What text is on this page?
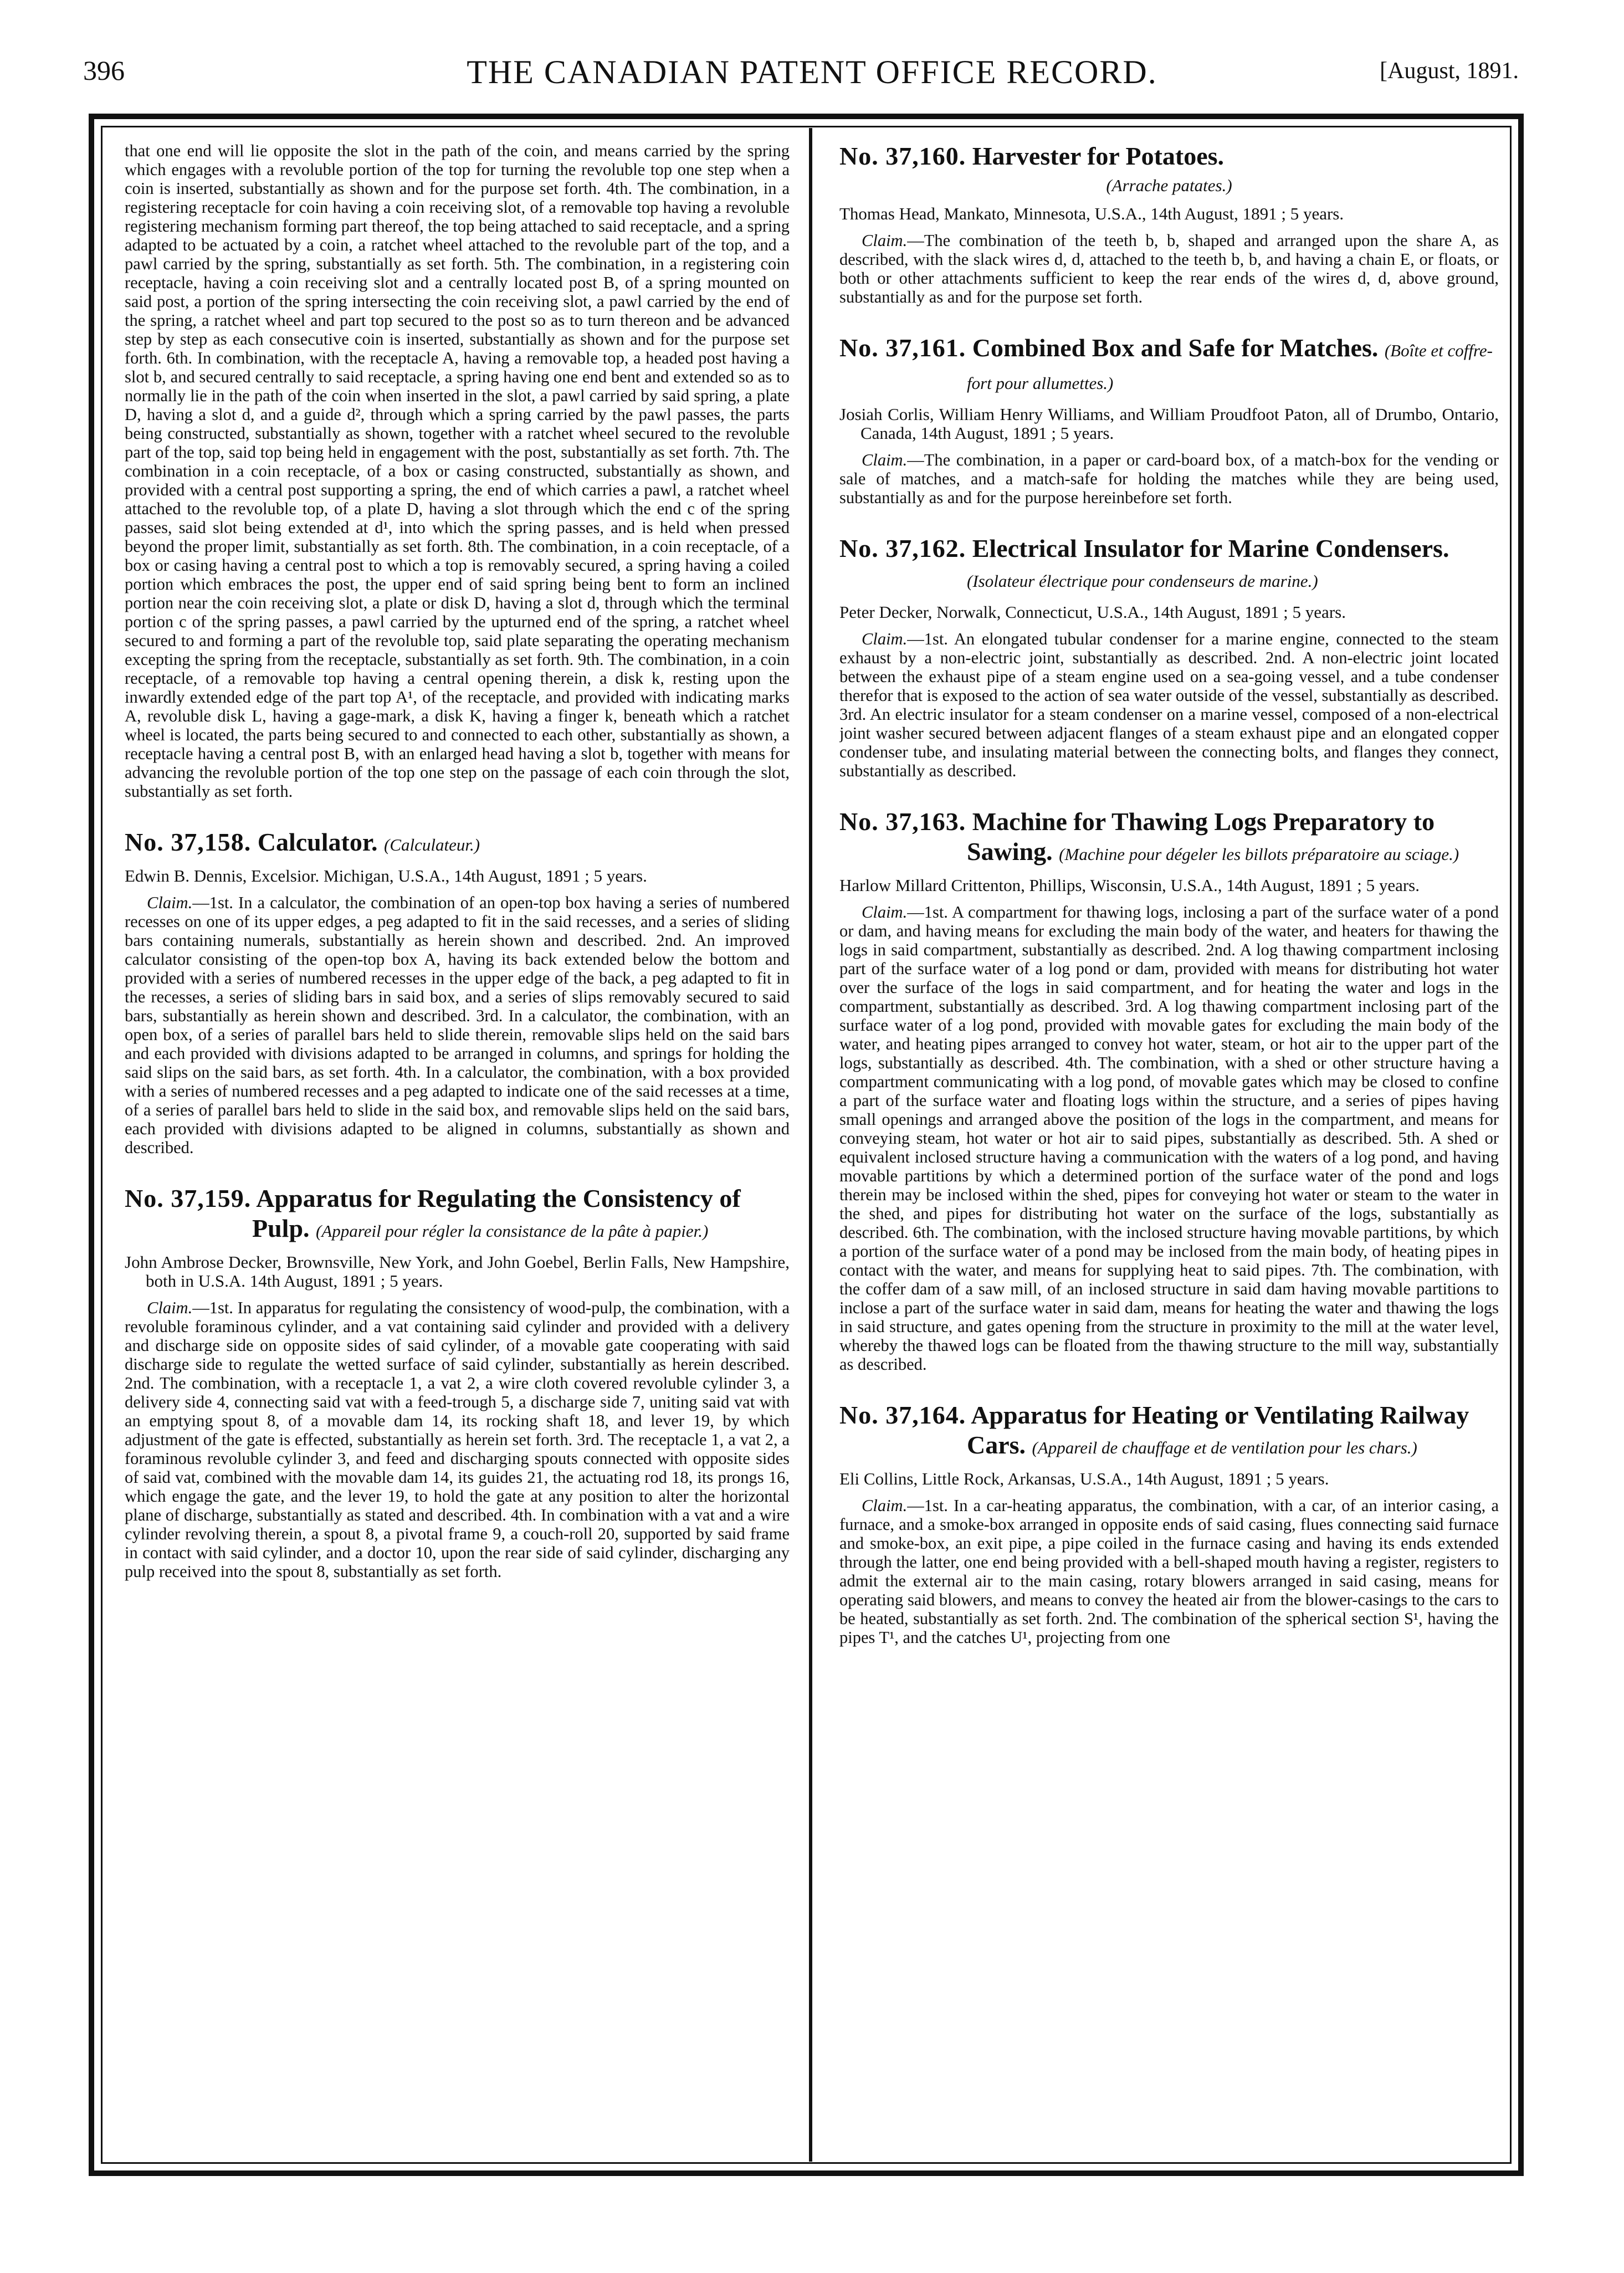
396	THE CANADIAN PATENT OFFICE RECORD.	[August, 1891.

that one end will lie opposite the slot in the path of the coin, and means carried by the spring which engages with a revoluble portion of the top for turning the revoluble top one step when a coin is inserted, substantially as shown and for the purpose set forth. 4th. The combination, in a registering receptacle for coin having a coin receiving slot, of a removable top having a revoluble registering mechanism forming part thereof, the top being attached to said receptacle, and a spring adapted to be actuated by a coin, a ratchet wheel attached to the revoluble part of the top, and a pawl carried by the spring, substantially as set forth. 5th. The combination, in a registering coin receptacle, having a coin receiving slot and a centrally located post B, of a spring mounted on said post, a portion of the spring intersecting the coin receiving slot, a pawl carried by the end of the spring, a ratchet wheel and part top secured to the post so as to turn thereon and be advanced step by step as each consecutive coin is inserted, substantially as shown and for the purpose set forth. 6th. In combination, with the receptacle A, having a removable top, a headed post having a slot b, and secured centrally to said receptacle, a spring having one end bent and extended so as to normally lie in the path of the coin when inserted in the slot, a pawl carried by said spring, a plate D, having a slot d, and a guide d², through which a spring carried by the pawl passes, the parts being constructed, substantially as shown, together with a ratchet wheel secured to the revoluble part of the top, said top being held in engagement with the post, substantially as set forth. 7th. The combination in a coin receptacle, of a box or casing constructed, substantially as shown, and provided with a central post supporting a spring, the end of which carries a pawl, a ratchet wheel attached to the revoluble top, of a plate D, having a slot through which the end c of the spring passes, said slot being extended at d¹, into which the spring passes, and is held when pressed beyond the proper limit, substantially as set forth. 8th. The combination, in a coin receptacle, of a box or casing having a central post to which a top is removably secured, a spring having a coiled portion which embraces the post, the upper end of said spring being bent to form an inclined portion near the coin receiving slot, a plate or disk D, having a slot d, through which the terminal portion c of the spring passes, a pawl carried by the upturned end of the spring, a ratchet wheel secured to and forming a part of the revoluble top, said plate separating the operating mechanism excepting the spring from the receptacle, substantially as set forth. 9th. The combination, in a coin receptacle, of a removable top having a central opening therein, a disk k, resting upon the inwardly extended edge of the part top A¹, of the receptacle, and provided with indicating marks A, revoluble disk L, having a gage-mark, a disk K, having a finger k, beneath which a ratchet wheel is located, the parts being secured to and connected to each other, substantially as shown, a receptacle having a central post B, with an enlarged head having a slot b, together with means for advancing the revoluble portion of the top one step on the passage of each coin through the slot, substantially as set forth.

No. 37,158. Calculator. (Calculateur.)

Edwin B. Dennis, Excelsior. Michigan, U.S.A., 14th August, 1891 ; 5 years.

Claim.—1st. In a calculator, the combination of an open-top box having a series of numbered recesses on one of its upper edges, a peg adapted to fit in the said recesses, and a series of sliding bars containing numerals, substantially as herein shown and described. 2nd. An improved calculator consisting of the open-top box A, having its back extended below the bottom and provided with a series of numbered recesses in the upper edge of the back, a peg adapted to fit in the recesses, a series of sliding bars in said box, and a series of slips removably secured to said bars, substantially as herein shown and described. 3rd. In a calculator, the combination, with an open box, of a series of parallel bars held to slide therein, removable slips held on the said bars and each provided with divisions adapted to be arranged in columns, and springs for holding the said slips on the said bars, as set forth. 4th. In a calculator, the combination, with a box provided with a series of numbered recesses and a peg adapted to indicate one of the said recesses at a time, of a series of parallel bars held to slide in the said box, and removable slips held on the said bars, each provided with divisions adapted to be aligned in columns, substantially as shown and described.

No. 37,159. Apparatus for Regulating the Consistency of Pulp. (Appareil pour régler la consistance de la pâte à papier.)

John Ambrose Decker, Brownsville, New York, and John Goebel, Berlin Falls, New Hampshire, both in U.S.A. 14th August, 1891 ; 5 years.

Claim.—1st. In apparatus for regulating the consistency of wood-pulp, the combination, with a revoluble foraminous cylinder, and a vat containing said cylinder and provided with a delivery and discharge side on opposite sides of said cylinder, of a movable gate cooperating with said discharge side to regulate the wetted surface of said cylinder, substantially as herein described. 2nd. The combination, with a receptacle 1, a vat 2, a wire cloth covered revoluble cylinder 3, a delivery side 4, connecting said vat with a feed-trough 5, a discharge side 7, uniting said vat with an emptying spout 8, of a movable dam 14, its rocking shaft 18, and lever 19, by which adjustment of the gate is effected, substantially as herein set forth. 3rd. The receptacle 1, a vat 2, a foraminous revoluble cylinder 3, and feed and discharging spouts connected with opposite sides of said vat, combined with the movable dam 14, its guides 21, the actuating rod 18, its prongs 16, which engage the gate, and the lever 19, to hold the gate at any position to alter the horizontal plane of discharge, substantially as stated and described. 4th. In combination with a vat and a wire cylinder revolving therein, a spout 8, a pivotal frame 9, a couch-roll 20, supported by said frame in contact with said cylinder, and a doctor 10, upon the rear side of said cylinder, discharging any pulp received into the spout 8, substantially as set forth.

No. 37,160. Harvester for Potatoes.
(Arrache patates.)

Thomas Head, Mankato, Minnesota, U.S.A., 14th August, 1891 ; 5 years.

Claim.—The combination of the teeth b, b, shaped and arranged upon the share A, as described, with the slack wires d, d, attached to the teeth b, b, and having a chain E, or floats, or both or other attachments sufficient to keep the rear ends of the wires d, d, above ground, substantially as and for the purpose set forth.

No. 37,161. Combined Box and Safe for Matches. (Boîte et coffre-fort pour allumettes.)

Josiah Corlis, William Henry Williams, and William Proudfoot Paton, all of Drumbo, Ontario, Canada, 14th August, 1891 ; 5 years.

Claim.—The combination, in a paper or card-board box, of a match-box for the vending or sale of matches, and a match-safe for holding the matches while they are being used, substantially as and for the purpose hereinbefore set forth.

No. 37,162. Electrical Insulator for Marine Condensers. (Isolateur électrique pour condenseurs de marine.)

Peter Decker, Norwalk, Connecticut, U.S.A., 14th August, 1891 ; 5 years.

Claim.—1st. An elongated tubular condenser for a marine engine, connected to the steam exhaust by a non-electric joint, substantially as described. 2nd. A non-electric joint located between the exhaust pipe of a steam engine used on a sea-going vessel, and a tube condenser therefor that is exposed to the action of sea water outside of the vessel, substantially as described. 3rd. An electric insulator for a steam condenser on a marine vessel, composed of a non-electrical joint washer secured between adjacent flanges of a steam exhaust pipe and an elongated copper condenser tube, and insulating material between the connecting bolts, and flanges they connect, substantially as described.

No. 37,163. Machine for Thawing Logs Preparatory to Sawing. (Machine pour dégeler les billots préparatoire au sciage.)

Harlow Millard Crittenton, Phillips, Wisconsin, U.S.A., 14th August, 1891 ; 5 years.

Claim.—1st. A compartment for thawing logs, inclosing a part of the surface water of a pond or dam, and having means for excluding the main body of the water, and heaters for thawing the logs in said compartment, substantially as described. 2nd. A log thawing compartment inclosing part of the surface water of a log pond or dam, provided with means for distributing hot water over the surface of the logs in said compartment, and for heating the water and logs in the compartment, substantially as described. 3rd. A log thawing compartment inclosing part of the surface water of a log pond, provided with movable gates for excluding the main body of the water, and heating pipes arranged to convey hot water, steam, or hot air to the upper part of the logs, substantially as described. 4th. The combination, with a shed or other structure having a compartment communicating with a log pond, of movable gates which may be closed to confine a part of the surface water and floating logs within the structure, and a series of pipes having small openings and arranged above the position of the logs in the compartment, and means for conveying steam, hot water or hot air to said pipes, substantially as described. 5th. A shed or equivalent inclosed structure having a communication with the waters of a log pond, and having movable partitions by which a determined portion of the surface water of the pond and logs therein may be inclosed within the shed, pipes for conveying hot water or steam to the water in the shed, and pipes for distributing hot water on the surface of the logs, substantially as described. 6th. The combination, with the inclosed structure having movable partitions, by which a portion of the surface water of a pond may be inclosed from the main body, of heating pipes in contact with the water, and means for supplying heat to said pipes. 7th. The combination, with the coffer dam of a saw mill, of an inclosed structure in said dam having movable partitions to inclose a part of the surface water in said dam, means for heating the water and thawing the logs in said structure, and gates opening from the structure in proximity to the mill at the water level, whereby the thawed logs can be floated from the thawing structure to the mill way, substantially as described.

No. 37,164. Apparatus for Heating or Ventilating Railway Cars. (Appareil de chauffage et de ventilation pour les chars.)

Eli Collins, Little Rock, Arkansas, U.S.A., 14th August, 1891 ; 5 years.

Claim.—1st. In a car-heating apparatus, the combination, with a car, of an interior casing, a furnace, and a smoke-box arranged in opposite ends of said casing, flues connecting said furnace and smoke-box, an exit pipe, a pipe coiled in the furnace casing and having its ends extended through the latter, one end being provided with a bell-shaped mouth having a register, registers to admit the external air to the main casing, rotary blowers arranged in said casing, means for operating said blowers, and means to convey the heated air from the blower-casings to the cars to be heated, substantially as set forth. 2nd. The combination of the spherical section S¹, having the pipes T¹, and the catches U¹, projecting from one
